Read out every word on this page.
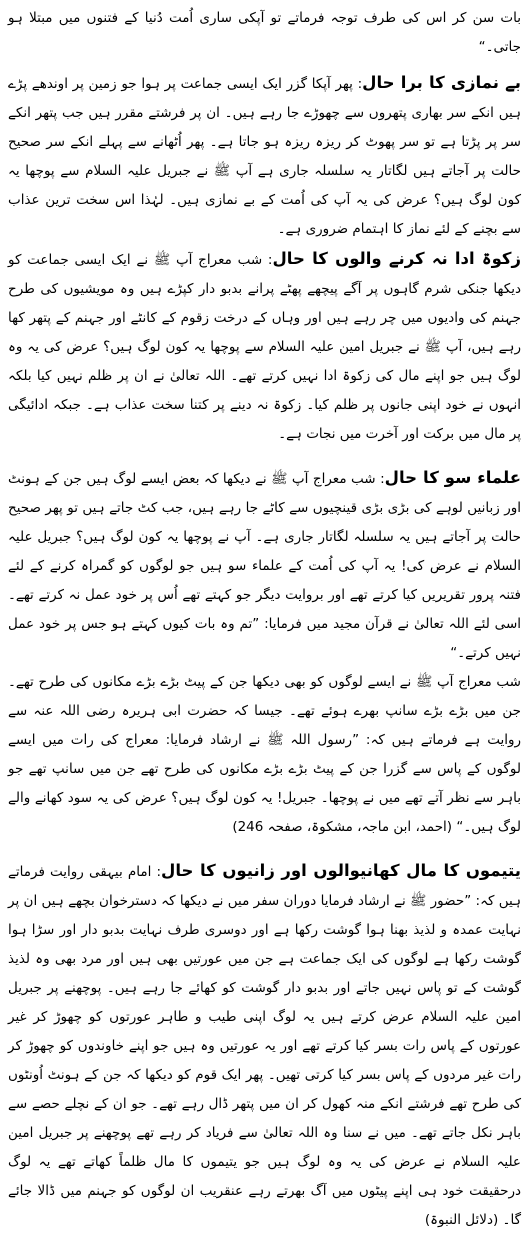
بات سن کر اس کی طرف توجہ فرماتے تو آپکی ساری اُمت دُنیا کے فتنوں میں مبتلا ہو جاتی۔“

بے نمازی کا برا حال: پھر آپکا گزر ایک ایسی جماعت پر ہوا جو زمین پر اوندھے پڑے ہیں انکے سر بھاری پتھروں سے چھوڑے جا رہے ہیں۔ ان پر فرشتے مقرر ہیں جب پتھر انکے سر پر پڑتا ہے تو سر پھوٹ کر ریزہ ریزہ ہو جاتا ہے۔ پھر اُٹھانے سے پہلے انکے سر صحیح حالت پر آجاتے ہیں لگاتار یہ سلسلہ جاری ہے آپ ﷺ نے جبریل علیہ السلام سے پوچھا یہ کون لوگ ہیں؟ عرض کی یہ آپ کی اُمت کے بے نمازی ہیں۔ لہٰذا اس سخت ترین عذاب سے بچنے کے لئے نماز کا اہتمام ضروری ہے۔

زکوۃ ادا نہ کرنے والوں کا حال: شب معراج آپ ﷺ نے ایک ایسی جماعت کو دیکھا جنکی شرم گاہوں پر آگے پیچھے پھٹے پرانے بدبو دار کپڑے ہیں وہ مویشیوں کی طرح جہنم کی وادیوں میں چر رہے ہیں اور وہاں کے درخت زقوم کے کانٹے اور جہنم کے پتھر کھا رہے ہیں، آپ ﷺ نے جبریل امین علیہ السلام سے پوچھا یہ کون لوگ ہیں؟ عرض کی یہ وہ لوگ ہیں جو اپنے مال کی زکوۃ ادا نہیں کرتے تھے۔ اللہ تعالیٰ نے ان پر ظلم نہیں کیا بلکہ انہوں نے خود اپنی جانوں پر ظلم کیا۔ زکوۃ نہ دینے پر کتنا سخت عذاب ہے۔ جبکہ ادائیگی پر مال میں برکت اور آخرت میں نجات ہے۔

علماء سو کا حال: شب معراج آپ ﷺ نے دیکھا کہ بعض ایسے لوگ ہیں جن کے ہونٹ اور زبانیں لوہے کی بڑی بڑی قینچیوں سے کاٹے جا رہے ہیں، جب کٹ جاتے ہیں تو پھر صحیح حالت پر آجاتے ہیں یہ سلسلہ لگاتار جاری ہے۔ آپ نے پوچھا یہ کون لوگ ہیں؟ جبریل علیہ السلام نے عرض کی! یہ آپ کی اُمت کے علماء سو ہیں جو لوگوں کو گمراہ کرنے کے لئے فتنہ پرور تقریریں کیا کرتے تھے اور بروایت دیگر جو کہتے تھے اُس پر خود عمل نہ کرتے تھے۔ اسی لئے اللہ تعالیٰ نے قرآن مجید میں فرمایا: ”تم وہ بات کیوں کہتے ہو جس پر خود عمل نہیں کرتے۔“

شب معراج آپ ﷺ نے ایسے لوگوں کو بھی دیکھا جن کے پیٹ بڑے بڑے مکانوں کی طرح تھے۔ جن میں بڑے بڑے سانپ بھرے ہوئے تھے۔ جیسا کہ حضرت ابی ہریرہ رضی اللہ عنہ سے روایت ہے فرماتے ہیں کہ: ”رسول اللہ ﷺ نے ارشاد فرمایا: معراج کی رات میں ایسے لوگوں کے پاس سے گزرا جن کے پیٹ بڑے بڑے مکانوں کی طرح تھے جن میں سانپ تھے جو باہر سے نظر آتے تھے میں نے پوچھا۔ جبریل! یہ کون لوگ ہیں؟ عرض کی یہ سود کھانے والے لوگ ہیں۔“ (احمد، ابن ماجہ، مشکوۃ، صفحہ 246)

یتیموں کا مال کھانیوالوں اور زانیوں کا حال: امام بیہقی روایت فرماتے ہیں کہ: ”حضور ﷺ نے ارشاد فرمایا دوران سفر میں نے دیکھا کہ دسترخوان بچھے ہیں ان پر نہایت عمدہ و لذیذ بھنا ہوا گوشت رکھا ہے اور دوسری طرف نہایت بدبو دار اور سڑا ہوا گوشت رکھا ہے لوگوں کی ایک جماعت ہے جن میں عورتیں بھی ہیں اور مرد بھی وہ لذیذ گوشت کے تو پاس نہیں جاتے اور بدبو دار گوشت کو کھائے جا رہے ہیں۔ پوچھنے پر جبریل امین علیہ السلام عرض کرتے ہیں یہ لوگ اپنی طیب و طاہر عورتوں کو چھوڑ کر غیر عورتوں کے پاس رات بسر کیا کرتے تھے اور یہ عورتیں وہ ہیں جو اپنے خاوندوں کو چھوڑ کر رات غیر مردوں کے پاس بسر کیا کرتی تھیں۔ پھر ایک قوم کو دیکھا کہ جن کے ہونٹ اُونٹوں کی طرح تھے فرشتے انکے منہ کھول کر ان میں پتھر ڈال رہے تھے۔ جو ان کے نچلے حصے سے باہر نکل جاتے تھے۔ میں نے سنا وہ اللہ تعالیٰ سے فریاد کر رہے تھے پوچھنے پر جبریل امین علیہ السلام نے عرض کی یہ وہ لوگ ہیں جو یتیموں کا مال ظلماً کھاتے تھے یہ لوگ درحقیقت خود ہی اپنے پیٹوں میں آگ بھرتے رہے عنقریب ان لوگوں کو جہنم میں ڈالا جائے گا۔ (دلائل النبوۃ)
